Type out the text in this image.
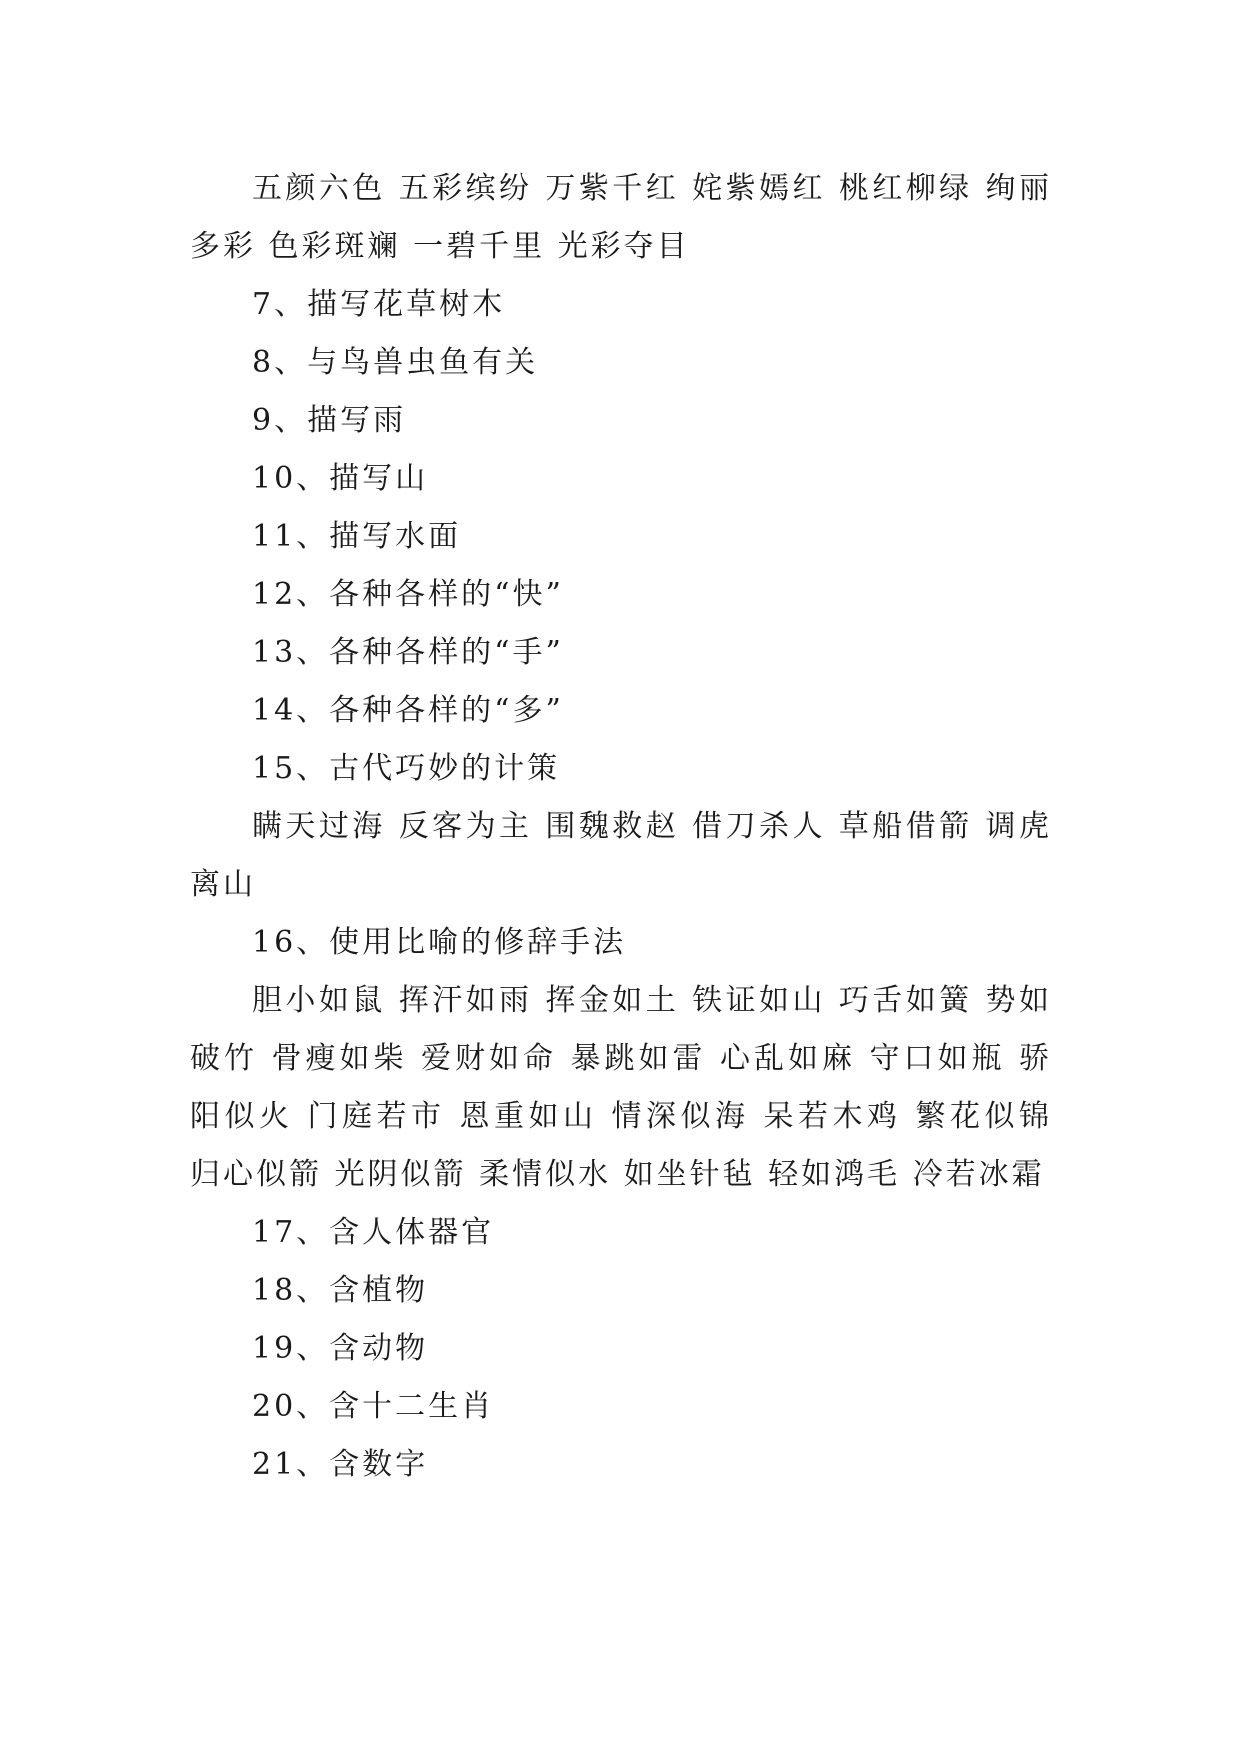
五颜六色 五彩缤纷 万紫千红 姹紫嫣红 桃红柳绿 绚丽多彩 色彩斑斓 一碧千里 光彩夺目

7、描写花草树木

8、与鸟兽虫鱼有关

9、描写雨

10、描写山

11、描写水面

12、各种各样的“快”

13、各种各样的“手”

14、各种各样的“多”

15、古代巧妙的计策

瞒天过海 反客为主 围魏救赵 借刀杀人 草船借箭 调虎离山

16、使用比喻的修辞手法

胆小如鼠 挥汗如雨 挥金如土 铁证如山 巧舌如簧 势如破竹 骨瘦如柴 爱财如命 暴跳如雷 心乱如麻 守口如瓶 骄阳似火 门庭若市 恩重如山 情深似海 呆若木鸡 繁花似锦 归心似箭 光阴似箭 柔情似水 如坐针毡 轻如鸿毛 冷若冰霜

17、含人体器官

18、含植物

19、含动物

20、含十二生肖

21、含数字
